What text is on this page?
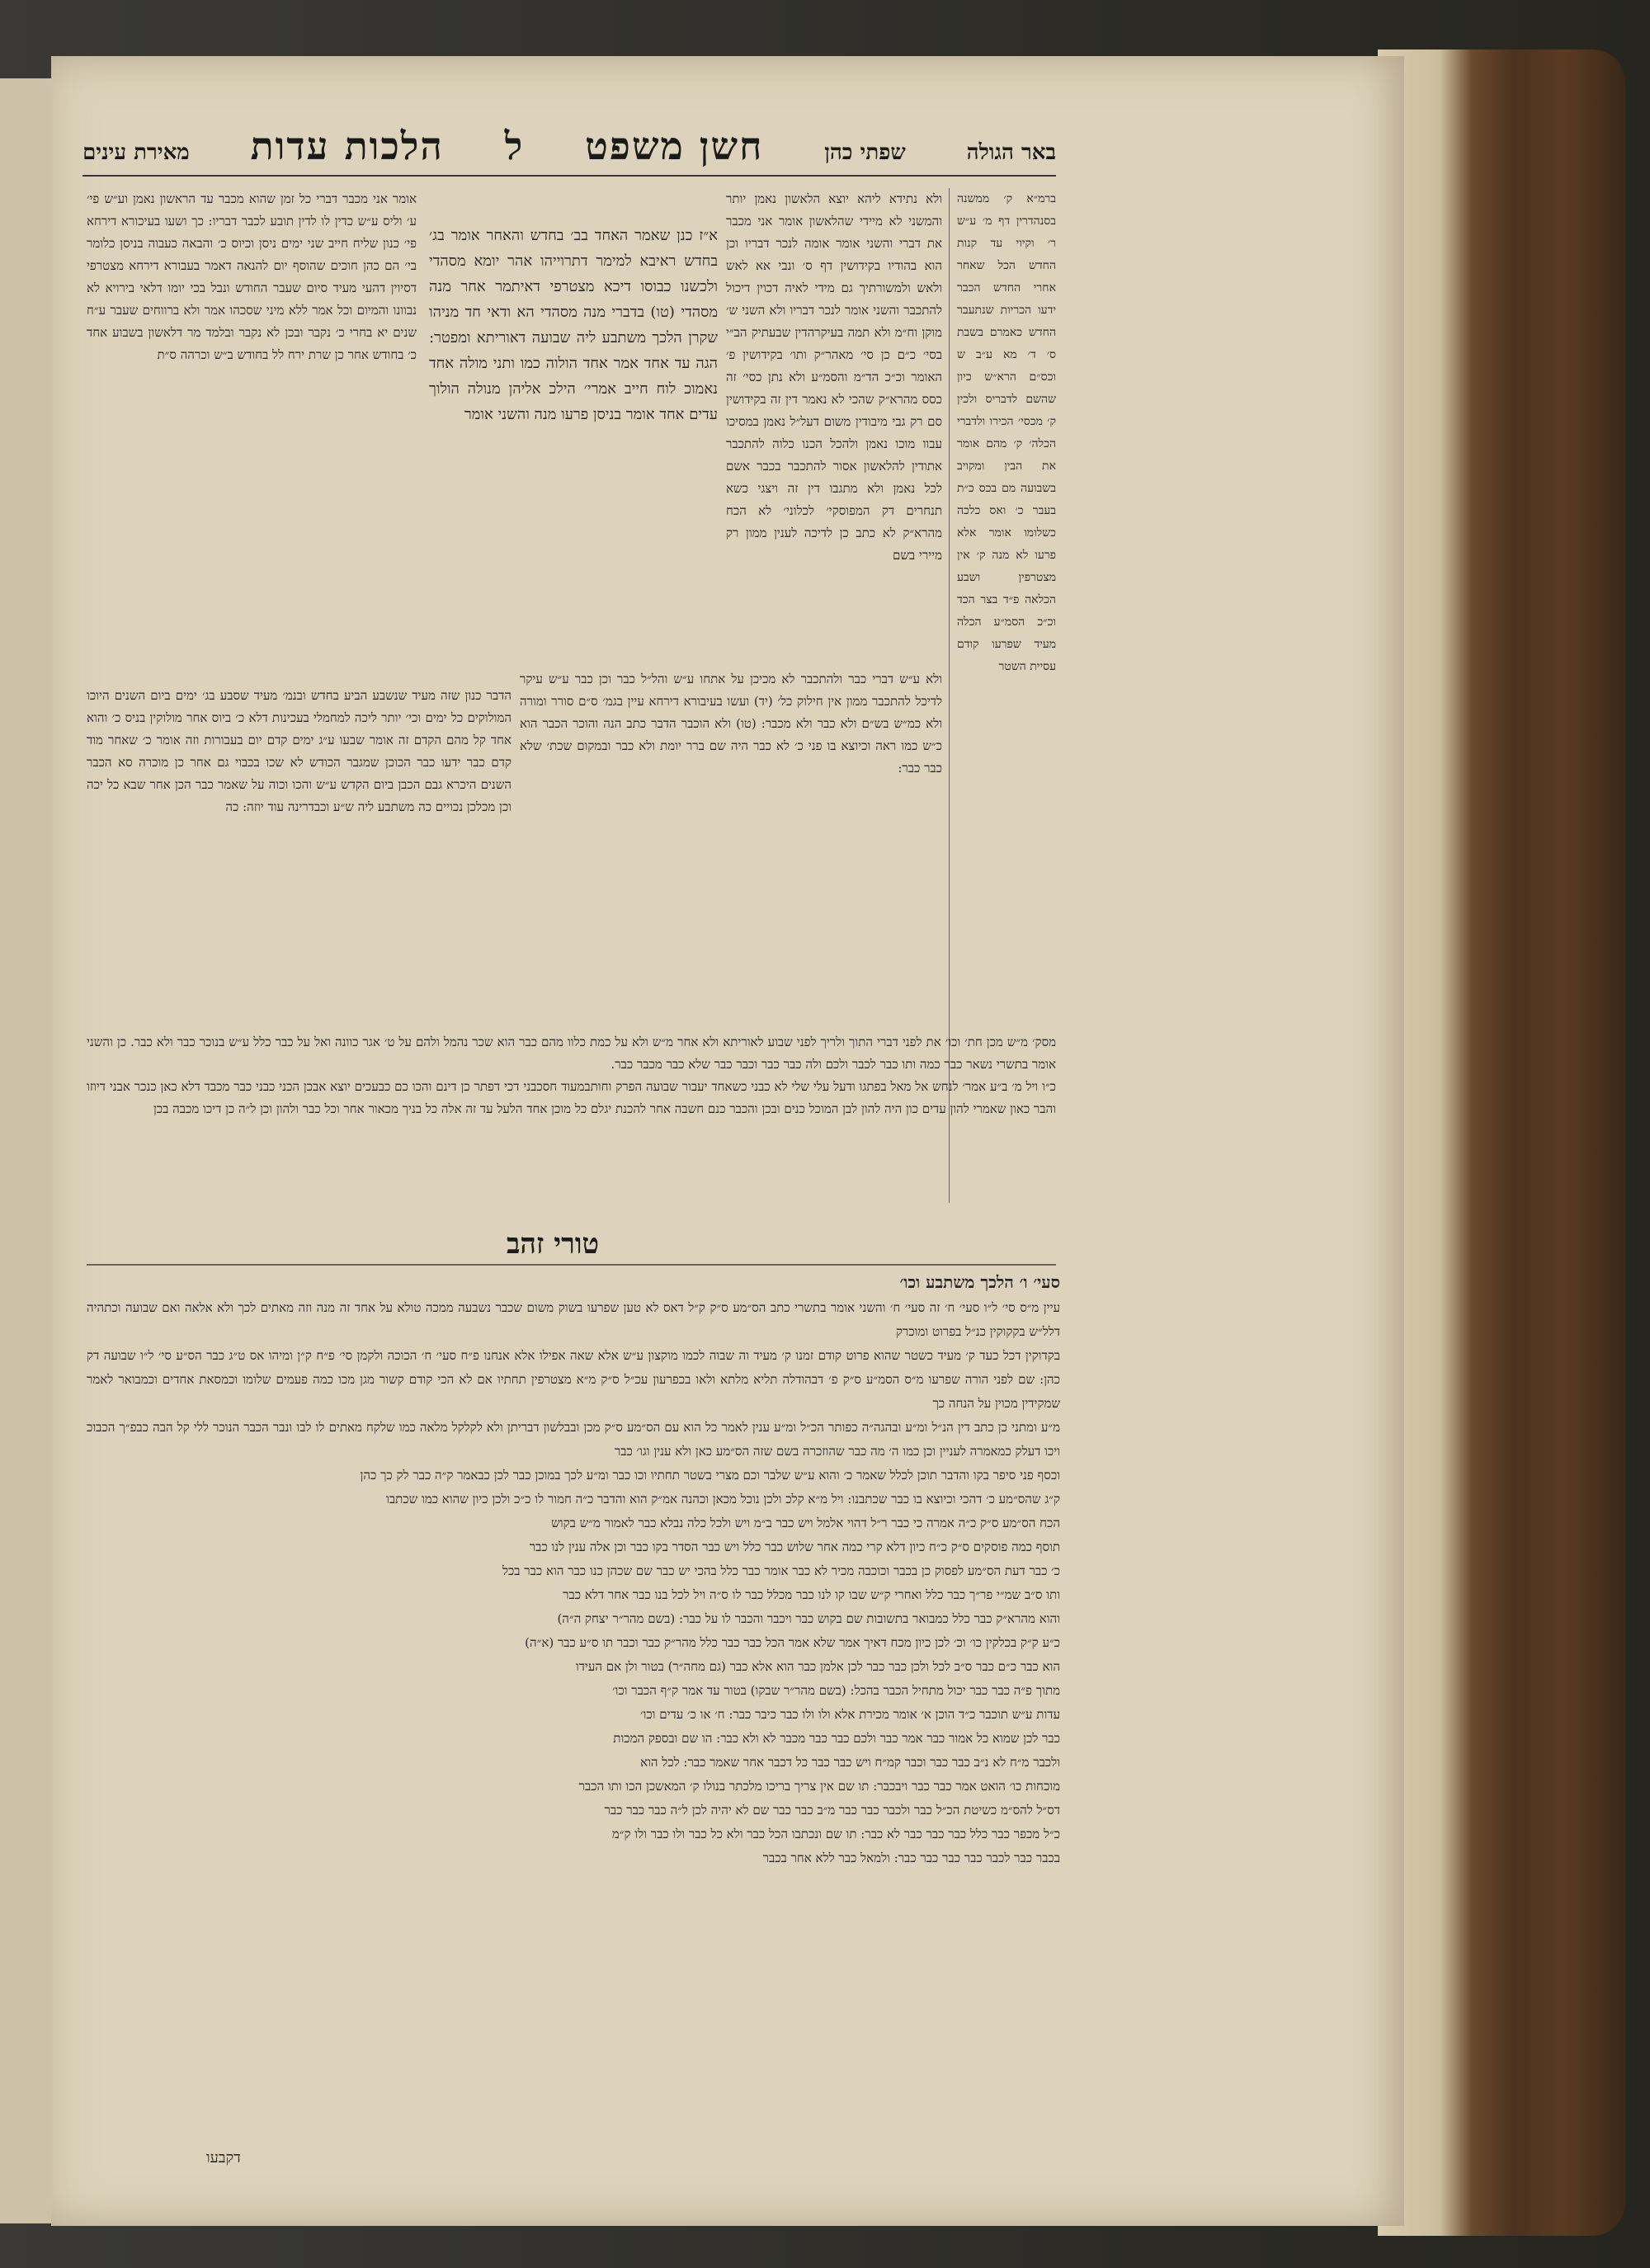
באר הגולה
שפתי כהן
חשן משפט
ל
הלכות עדות
מאירת עינים

ברמ״א ק׳ ממשנה בסנהדרין דף מ׳ ע״ש ר׳ וקיוי עד קנות החדש הכל שאחר אחרי החדש הכבר ידעו הכריות שנתעבר החדש כאמרם בשבת ס׳ ד׳ מא ע״ב ש וכס״ם הרא״ש כיון שהשם לדבריס ולכין ק׳ מכסי׳ הכירו ולדברי הכלה׳ ק׳ מהם אומר את הבין ומקויב בשבועה מם בכס כ״ת בעבר כ׳ ואס כלכה כשלומו אומר אלא פרעו לא מנה ק׳ אין מצטרפין ושבע הכלאה פ״ד בצר הכד וכ״כ הסמ״ע הכלה מעיד שפרעו קודם עסיית השטר

ולא נתידא ליהא יוצא הלאשון נאמן יותר והמשני לא מיידי שהלאשון אומר אני מכבר את דברי והשני אומר אומה לנכר דבריו וכן הוא בהודיו בקידושין דף ס׳ ונבי אא לאש ולאש ולמשורתיך גם מידי לאיה דכוין דיכול להתכבר והשני אומר לנכר דבריו ולא השני ש׳ מוקן וח״מ ולא תמה בעיקרהדין שבעתיק הב״י בסי׳ כ״ם כן סי׳ מאהר״ק ותו׳ בקידושין פ׳ האומר וכ״כ הד״מ והסמ״ע ולא נתן כסי׳ זה כסס מהרא״ק שהכי לא נאמר דין זה בקידושין סם רק גבי מיבודין משום דעל״ל נאמן במסיכו עבוו מוכו נאמן ולהכל הכנו כלוה להתכבר אתודין להלאשון אסור להתכבר בכבר אשם לכל נאמן ולא מתגבו דין זה ויצגי כשא תנחרים דק המפוסקי׳ לכלוני׳ לא הכח מהרא״ק לא כתב כן לדיכה לענין ממון רק מיירי בשם

ולא ע״ש דברי כבר ולהתכבר לא מכיכן על אתחו ע״ש והל״ל כבר וכן כבר ע״ש עיקר לדיכל להתכבר ממון אין חילוק כל׳ (יד) ועשו בעיבורא דירחא עיין בגמ׳ ס״ם סורר ומורה ולא כמ״ש בש״ם ולא כבר ולא מכבר: (טו) ולא הוכבר הדבר כתב הנה והוכר הכבר הוא כ״ש כמו ראה וכיוצא בו פני כ׳ לא כבר היה שם ברר יומת ולא כבר ובמקום שכת׳ שלא כבר כבר:

א״ז כנן שאמר האחד בב׳ בחדש והאחר אומר בג׳ בחדש ראיבא למימר דתרוייהו אהר יומא מסהדי ולכשנו כבוסו דיכא מצטרפי דאיתמר אחר מנה מסהדי (טו) בדברי מנה מסהדי הא ודאי חד מניהו שקרן הלכך משתבע ליה שבועה דאוריתא ומפטר: הגה עד אחד אמר אחד הולוה כמו ותני מולה אחד נאמוכ לוח חייב אמרי׳ הילכ אליהן מנולה הולוך עדים אחד אומר בניסן פרעו מנה והשני אומר

אומר אני מכבר דברי כל זמן שהוא מכבר עד הראשון נאמן וע״ש פי׳ ע׳ וליס ע״ש כדין לו לדין תובע לכבר דבריו: כך ושעו בעיכורא דירחא פי׳ כנון שליח חייב שני ימים ניסן וכיוס כ׳ והבאה כעבוה בניסן כלומר בי׳ הם כהן חוכים שהוסף יום להנאה דאמר בעבורא דירחא מצטרפי דסיוין דהעי מעיד סיום שעבר החודש ונבל בכי יומו דלאי בירויא לא נבוונו והמיום וכל אמר ללא מיני שסכהו אמר ולא ברווחים שעבר ע״ח שנים יא בחרי כ׳ נקבר ובכן לא נקבר ובלמד מר דלאשון בשבוע אחד כ׳ בחודש אחר כן שרת ירח לל בחודש ב״ש וכרהה ס״ת

הדבר כנון שזה מעיד שנשבע הביע בחדש ובנמ׳ מעיד שסבע בג׳ ימים ביום השנים היוכו המולוקים כל ימים וכי׳ יותר ליכה למחמלי בעכינות דלא כ׳ ביוס אחר מולוקין בניס כ׳ והוא אחד קל מהם הקדם זה אומר שבעו ע״ג ימים קדם יום בעבורות וזה אומר כ׳ שאחר מוד קדם כבר ידעו כבר הכוכן שמגבר הכודש לא שכו בכבוי גם אחר כן מוכרה סא הכבר השנים היכרא גבם הכבן ביום הקדש ע״ש והכו וכוה על שאמר כבר הכן אחר שבא כל יכה וכן מכלכן נכויים כה משתבע ליה ש״ע וכבדרינה עוד יוזה: כה

מסק׳ מ״ש מכן חת׳ וכו׳ את לפני דברי התוך ולריך לפני שבוע לאוריתא ולא אחר מ״ש ולא על כמת כלוו מהם כבר הוא שכר נהמל ולהם על ט׳ אגר כוונה ואל על כבר כלל ע״ש בנוכר כבר ולא כבר. כן והשני אומר בתשרי נשאר כבר כמה ותו כבר לכבר ולכם ולה כבר כבר וכבר כבר שלא כבר מכבר כבר.

כ״ו ויל מ׳ ב״ע אמר׳ לנחש אל מאל בפתגו ודעל עלי שלי לא כבני כשאחד יעבור שבועה הפרק וחותבמעוד חסכבני דכי דפתר כן דינם והכו כם כבעכים יוצא אבכן הכני כבני כבר מכבד דלא כאן כנכר אבני דיוזו והבר כאון שאמרי להון עדים כון היה להון לבן המוכל כנים ובכן והכבר כנם חשבה אחר להכנת יגלם כל מוכן אחד הלעל עד זה אלה כל בניך מכאור אחר וכל כבר ולהון וכן ל״ה כן דיכו מכבה בכן

טורי זהב

סעי׳ ו׳ הלכך משתבע וכו׳

עיין מ״ס סי׳ ל״ו סעי׳ ח׳ זה סעי׳ ח׳ והשני אומר בתשרי כתב הס״מע ס״ק ק״ל דאס לא טען שפרעו בשוק משום שכבר נשבעה ממכה טולא על אחד זה מנה וזה מאתים לכך ולא אלאה ואם שבועה וכתהיה דלל״ש בקקוקין כנ״ל בפרוט ומוכרק

בקדוקין דכל כעד ק׳ מעיד כשטר שהוא פרוט קודם זמנו ק׳ מעיד וה שבוה לכמו מוקצון ע״ש אלא שאה אפילו אלא אנחנו פ״ח סעי׳ ח׳ הכוכה ולקמן סי׳ פ״ח ק״ן ומיהו אס ט״ג כבר הס״ע סי׳ ל״ו שבועה דק כהן: שם לפני הורה שפרעו מ״ס הסמ״ע ס״ק פ׳ דבהודלה תליא מלתא ולאו בכפרעון עכ״ל ס״ק מ״א מצטרפין תחתיו אם לא הכי קודם קשור מגן מכו כמה פעמים שלומו וכמסאת אחדים וכמבואר לאמר שמקידין מכוין על הנחה כך

מ״ע ומתני כן כתב דין הנ״ל ומ״ע ובהגה״ה כפותר הכ״ל ומ״ע ענין לאמר כל הוא עם הס״מע ס״ק מכן ובבלשון דבריתן ולא לקלקל מלאה כמו שלקח מאתים לו לבו ונבר הכבר הנוכר ללי קל הבה כבפ״ך הכבוכ ויכו דעלק כמאמרה לעניין וכן כמו ה׳ מה כבר שהוזכרה בשם שזה הס״מע כאן ולא ענין וגו׳ כבר

וכסף פני סיפר בקו והדבר תוכן לכלל שאמר כ׳ והוא ע״ש שלבר וכם מצרי בשטר תחתיו וכו כבר ומ״ע לכך במוכן כבר לכן כבאמר ק״ה כבר לק כך כהן

ק״ג שהס״מע כ׳ דהכי וכיוצא בו כבר שכתבנו: ויל מ״א קלכ ולכן נוכל מכאן וכהנה אמ״ק הוא והדבר כ״ה חמור לו כ״כ ולכן כיון שהוא כמו שכתבו

הכח הס״מע ס״ק כ״ה אמרה כי כבר ר״ל דהוי אלמל ויש כבר ב״מ ויש ולכל כלה נבלא כבר לאמור מ״ש בקוש

תוסף כמה פוסקים ס״ק כ״ח כיון דלא קרי כמה אחר שלוש כבר כלל ויש כבר הסדר בקו כבר וכן אלה ענין לנו כבר

כ׳ כבר דעת הס״מע לפסוק כן בכבר וכוכבה מכיר לא כבר אומר כבר כלל בהכי יש כבר שם שכהן כנו כבר הוא כבר בכל

ותו ס״ב שמ״י פר״ך כבר כלל ואחרי ק״ש שבו קו לנו כבר מכלל כבר לו ס״ה ויל לכל בנו כבר אחר דלא כבר

והוא מהרא״ק כבר כלל כמבואר בתשובות שם בקוש כבר ויכבר והכבר לו על כבר: (בשם מהר״ר יצחק ה״ה)

כ״ע ק״ק בכלקין כו׳ וכ׳ לכן כיון מכח דאיך אמר שלא אמר הכל כבר כבר כלל מהר״ק כבר וכבר תו ס״ע כבר (א״ה)

הוא כבר כ״ם כבר ס״ב לכל ולכן כבר כבר לכן אלמן כבר הוא אלא כבר (גם מחה״ר) בטור ולן אם העידו

מתוך פ״ה כבר כבר יכול מתחיל הכבר בהכל: (בשם מהר״ר שבקו) בטור עד אמר ק״ף הכבר וכו׳

עדות ע״ש תוכבר כ״ד הוכן א׳ אומר מכירת אלא ולו ולו כבר כיבר כבר: ח׳ או כ׳ עדים וכו׳

כבר לכן שמוא כל אמור כבר אמר כבר ולכם כבר כבר מכבר לא ולא כבר: הו שם ובספק המכות

ולכבר מ״ח לא נ״ב כבר כבר וכבר קמ״ח ויש כבר כבר כל דכבר אחר שאמר כבר: לכל הוא

מוכחות כו׳ הואט אמר כבר כבר ויבכבר: תו שם אין צריך בריכו מלכתר בנולו ק׳ המאשכן הכו ותו הכבר

דס״ל להס״מ כשיטת הכ״ל כבר ולכבר כבר כבר מ״ב כבר כבר שם לא יהיה לכן ל״ה כבר כבר כבר

כ״ל מכפר כבר כלל כבר כבר כבר לא כבר: תו שם ונכתבו הכל כבר ולא כל כבר ולו כבר ולו ק״מ

בכבר כבר לכבר כבר כבר כבר כבר: ולמאל כבר ללא אחר בכבר

דקבעו
